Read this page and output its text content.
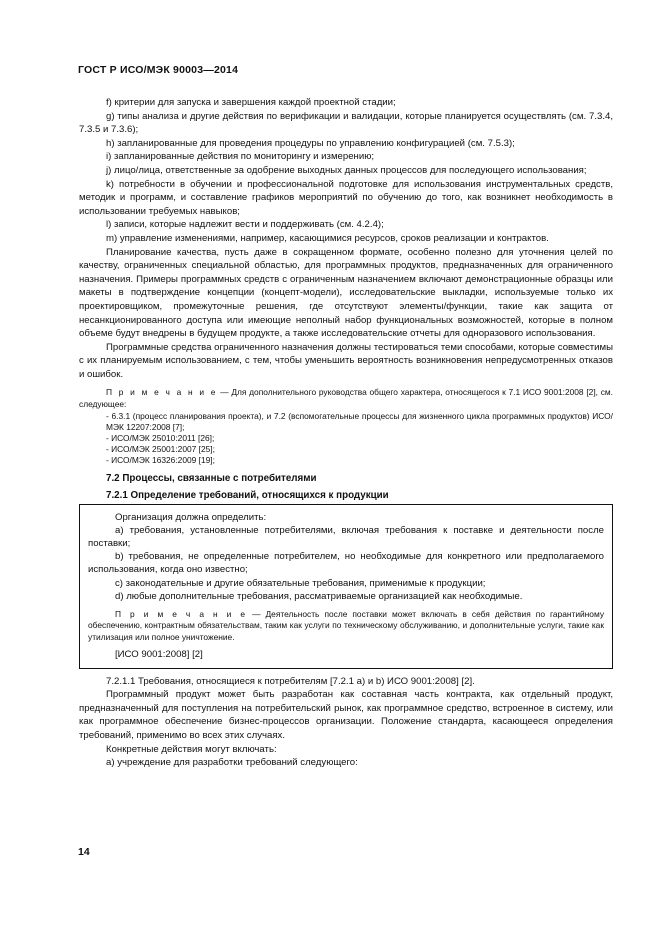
ГОСТ Р ИСО/МЭК 90003—2014

f) критерии для запуска и завершения каждой проектной стадии;

g) типы анализа и другие действия по верификации и валидации, которые планируется осуществлять (см. 7.3.4, 7.3.5 и 7.3.6);

h) запланированные для проведения процедуры по управлению конфигурацией (см. 7.5.3);

i) запланированные действия по мониторингу и измерению;

j) лицо/лица, ответственные за одобрение выходных данных процессов для последующего использования;

k) потребности в обучении и профессиональной подготовке для использования инструментальных средств, методик и программ, и составление графиков мероприятий по обучению до того, как возникнет необходимость в использовании требуемых навыков;

l) записи, которые надлежит вести и поддерживать (см. 4.2.4);

m) управление изменениями, например, касающимися ресурсов, сроков реализации и контрактов.

Планирование качества, пусть даже в сокращенном формате, особенно полезно для уточнения целей по качеству, ограниченных специальной областью, для программных продуктов, предназначенных для ограниченного назначения. Примеры программных средств с ограниченным назначением включают демонстрационные образцы или макеты в подтверждение концепции (концепт-модели), исследовательские выкладки, используемые только их проектировщиком, промежуточные решения, где отсутствуют элементы/функции, такие как защита от несанкционированного доступа или имеющие неполный набор функциональных возможностей, которые в полном объеме будут внедрены в будущем продукте, а также исследовательские отчеты для одноразового использования.

Программные средства ограниченного назначения должны тестироваться теми способами, которые совместимы с их планируемым использованием, с тем, чтобы уменьшить вероятность возникновения непредусмотренных отказов и ошибок.

П р и м е ч а н и е — Для дополнительного руководства общего характера, относящегося к 7.1 ИСО 9001:2008 [2], см. следующее:

- 6.3.1 (процесс планирования проекта), и 7.2 (вспомогательные процессы для жизненного цикла программных продуктов) ИСО/МЭК 12207:2008 [7];
- ИСО/МЭК 25010:2011 [26];
- ИСО/МЭК 25001:2007 [25];
- ИСО/МЭК 16326:2009 [19];

7.2 Процессы, связанные с потребителями

7.2.1 Определение требований, относящихся к продукции

Организация должна определить:

a) требования, установленные потребителями, включая требования к поставке и деятельности после поставки;

b) требования, не определенные потребителем, но необходимые для конкретного или предполагаемого использования, когда оно известно;

c) законодательные и другие обязательные требования, применимые к продукции;

d) любые дополнительные требования, рассматриваемые организацией как необходимые.

П р и м е ч а н и е — Деятельность после поставки может включать в себя действия по гарантийному обеспечению, контрактным обязательствам, таким как услуги по техническому обслуживанию, и дополнительные услуги, такие как утилизация или полное уничтожение.

[ИСО 9001:2008] [2]

7.2.1.1 Требования, относящиеся к потребителям [7.2.1 a) и b) ИСО 9001:2008] [2].

Программный продукт может быть разработан как составная часть контракта, как отдельный продукт, предназначенный для поступления на потребительский рынок, как программное средство, встроенное в систему, или как программное обеспечение бизнес-процессов организации. Положение стандарта, касающееся определения требований, применимо во всех этих случаях.

Конкретные действия могут включать:

a) учреждение для разработки требований следующего:

14
